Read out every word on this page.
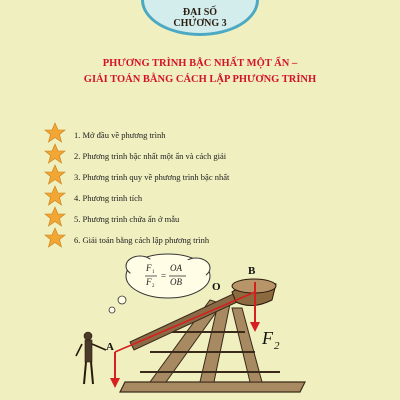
ĐẠI SỐ
CHƯƠNG 3
PHƯƠNG TRÌNH BẬC NHẤT MỘT ẨN –
GIẢI TOÁN BẰNG CÁCH LẬP PHƯƠNG TRÌNH
1. Mở đầu về phương trình
2. Phương trình bậc nhất một ẩn và cách giải
3. Phương trình quy về phương trình bậc nhất
4. Phương trình tích
5. Phương trình chứa ẩn ở mẫu
6. Giải toán bằng cách lập phương trình
F 1
F 2
=
OA
OB
A
B
O
F 2
